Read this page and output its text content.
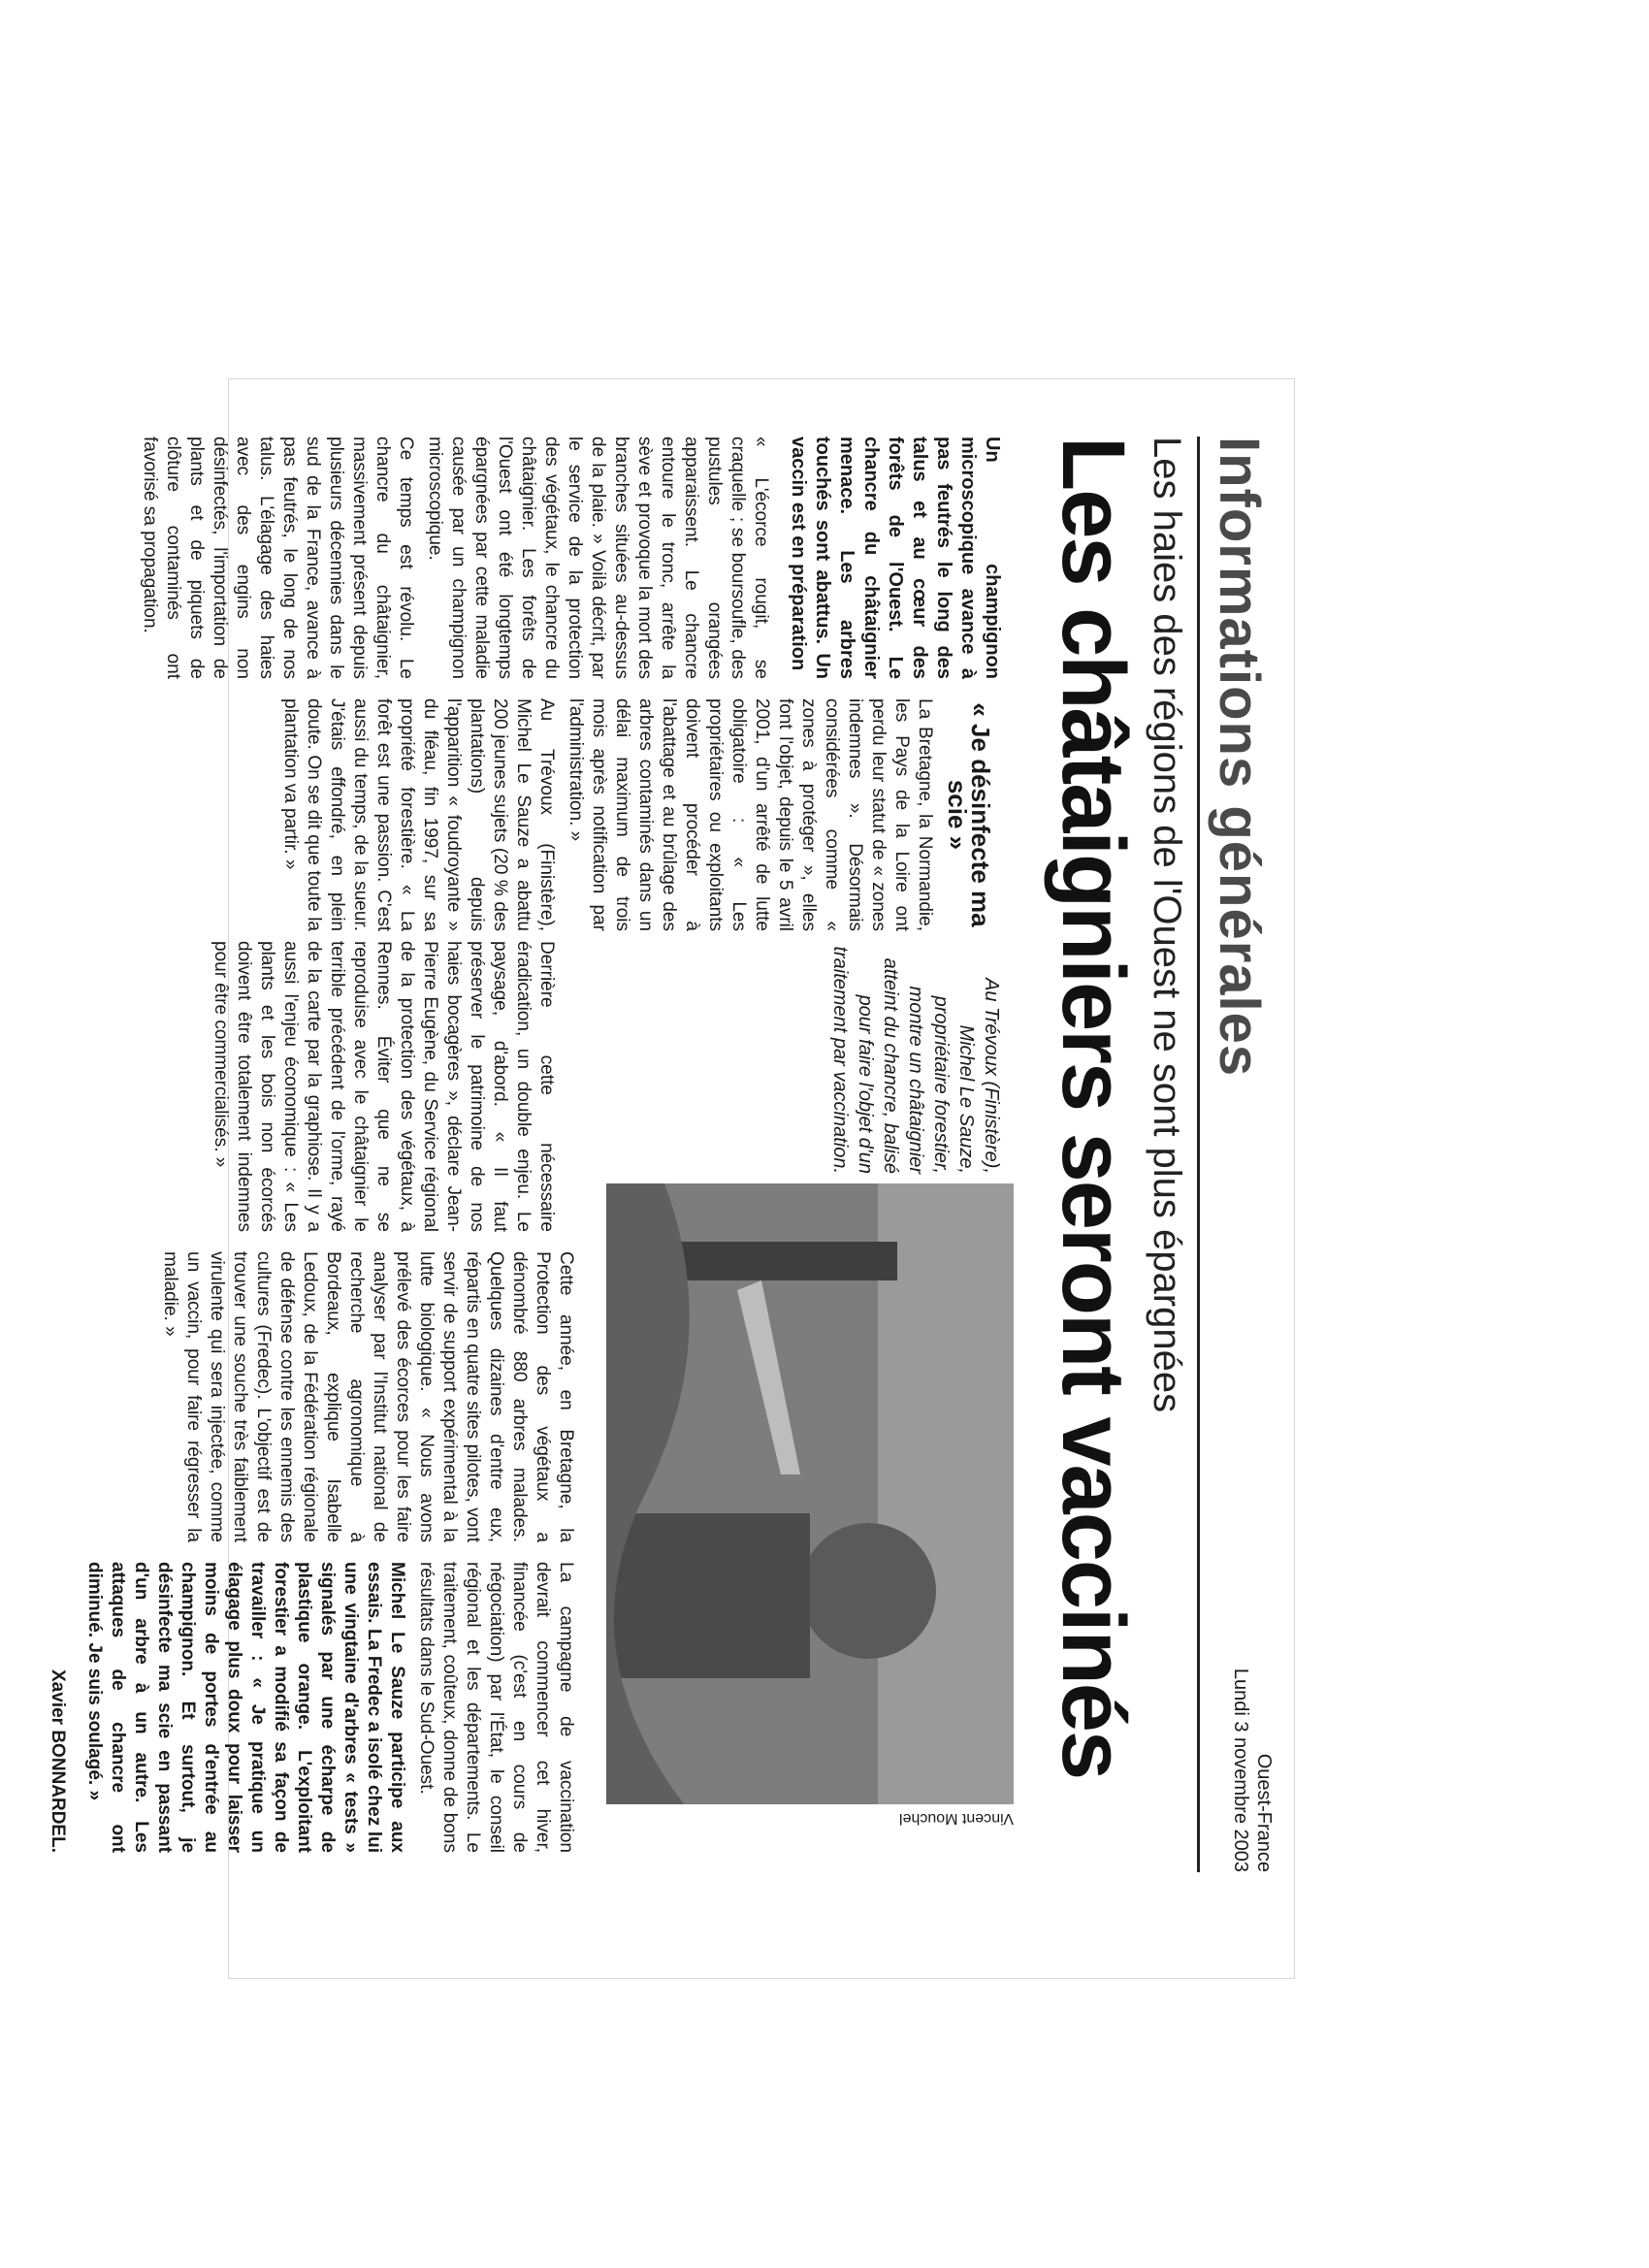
Informations générales
Ouest-France
Lundi 3 novembre 2003
Les haies des régions de l'Ouest ne sont plus épargnées
Les châtaigniers seront vaccinés

Un champignon microscopique avance à pas feutrés le long des talus et au cœur des forêts de l'Ouest. Le chancre du châtaignier menace. Les arbres touchés sont abattus. Un vaccin est en préparation

« L'écorce rougit, se craquelle ; se boursoufle, des pustules orangées apparaissent. Le chancre entoure le tronc, arrête la sève et provoque la mort des branches situées au-dessus de la plaie. » Voilà décrit, par le service de la protection des végétaux, le chancre du châtaignier. Les forêts de l'Ouest ont été longtemps épargnées par cette maladie causée par un champignon microscopique.

Ce temps est révolu. Le chancre du châtaignier, massivement présent depuis plusieurs décennies dans le sud de la France, avance à pas feutrés, le long de nos talus. L'élagage des haies avec des engins non désinfectés, l'importation de plants et de piquets de clôture contaminés ont favorisé sa propagation.

« Je désinfecte ma scie »

La Bretagne, la Normandie, les Pays de la Loire ont perdu leur statut de « zones indemnes ». Désormais considérées comme « zones à protéger », elles font l'objet, depuis le 5 avril 2001, d'un arrêté de lutte obligatoire : « Les propriétaires ou exploitants doivent procéder à l'abattage et au brûlage des arbres contaminés dans un délai maximum de trois mois après notification par l'administration. »

Au Trévoux (Finistère), Michel Le Sauze a abattu 200 jeunes sujets (20 % des plantations) depuis l'apparition « foudroyante » du fléau, fin 1997, sur sa propriété forestière. « La forêt est une passion. C'est aussi du temps, de la sueur. J'étais effondré, en plein doute. On se dit que toute la plantation va partir. »

Au Trévoux (Finistère), Michel Le Sauze, propriétaire forestier, montre un châtaignier atteint du chancre, balisé pour faire l'objet d'un traitement par vaccination.
Vincent Mouchel

Derrière cette nécessaire éradication, un double enjeu. Le paysage, d'abord. « Il faut préserver le patrimoine de nos haies bocagères », déclare Jean-Pierre Eugène, du Service régional de la protection des végétaux, à Rennes. Éviter que ne se reproduise avec le châtaignier le terrible précédent de l'orme, rayé de la carte par la graphiose. Il y a aussi l'enjeu économique : « Les plants et les bois non écorcés doivent être totalement indemnes pour être commercialisés. »

Cette année, en Bretagne, la Protection des végétaux a dénombré 880 arbres malades. Quelques dizaines d'entre eux, répartis en quatre sites pilotes, vont servir de support expérimental à la lutte biologique. « Nous avons prélevé des écorces pour les faire analyser par l'Institut national de recherche agronomique à Bordeaux, explique Isabelle Ledoux, de la Fédération régionale de défense contre les ennemis des cultures (Fredec). L'objectif est de trouver une souche très faiblement virulente qui sera injectée, comme un vaccin, pour faire régresser la maladie. »

La campagne de vaccination devrait commencer cet hiver, financée (c'est en cours de négociation) par l'État, le conseil régional et les départements. Le traitement, coûteux, donne de bons résultats dans le Sud-Ouest.

Michel Le Sauze participe aux essais. La Fredec a isolé chez lui une vingtaine d'arbres « tests » signalés par une écharpe de plastique orange. L'exploitant forestier a modifié sa façon de travailler : « Je pratique un élagage plus doux pour laisser moins de portes d'entrée au champignon. Et surtout, je désinfecte ma scie en passant d'un arbre à un autre. Les attaques de chancre ont diminué. Je suis soulagé. »

Xavier BONNARDEL.
